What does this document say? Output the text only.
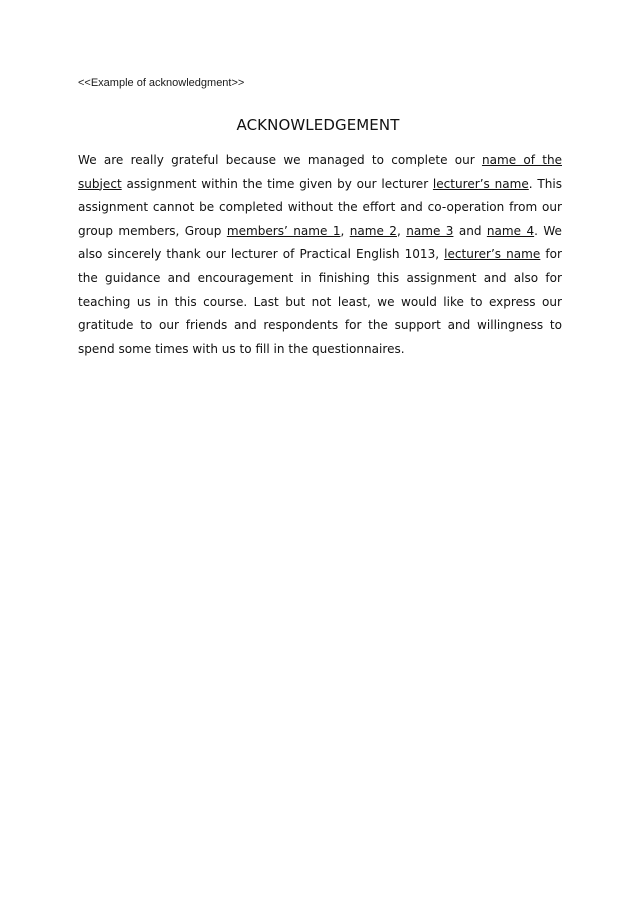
<<Example of acknowledgment>>
ACKNOWLEDGEMENT

We are really grateful because we managed to complete our name of the subject assignment within the time given by our lecturer lecturer’s name. This assignment cannot be completed without the effort and co-operation from our group members, Group members’ name 1, name 2, name 3 and name 4. We also sincerely thank our lecturer of Practical English 1013, lecturer’s name for the guidance and encouragement in finishing this assignment and also for teaching us in this course. Last but not least, we would like to express our gratitude to our friends and respondents for the support and willingness to spend some times with us to fill in the questionnaires.
